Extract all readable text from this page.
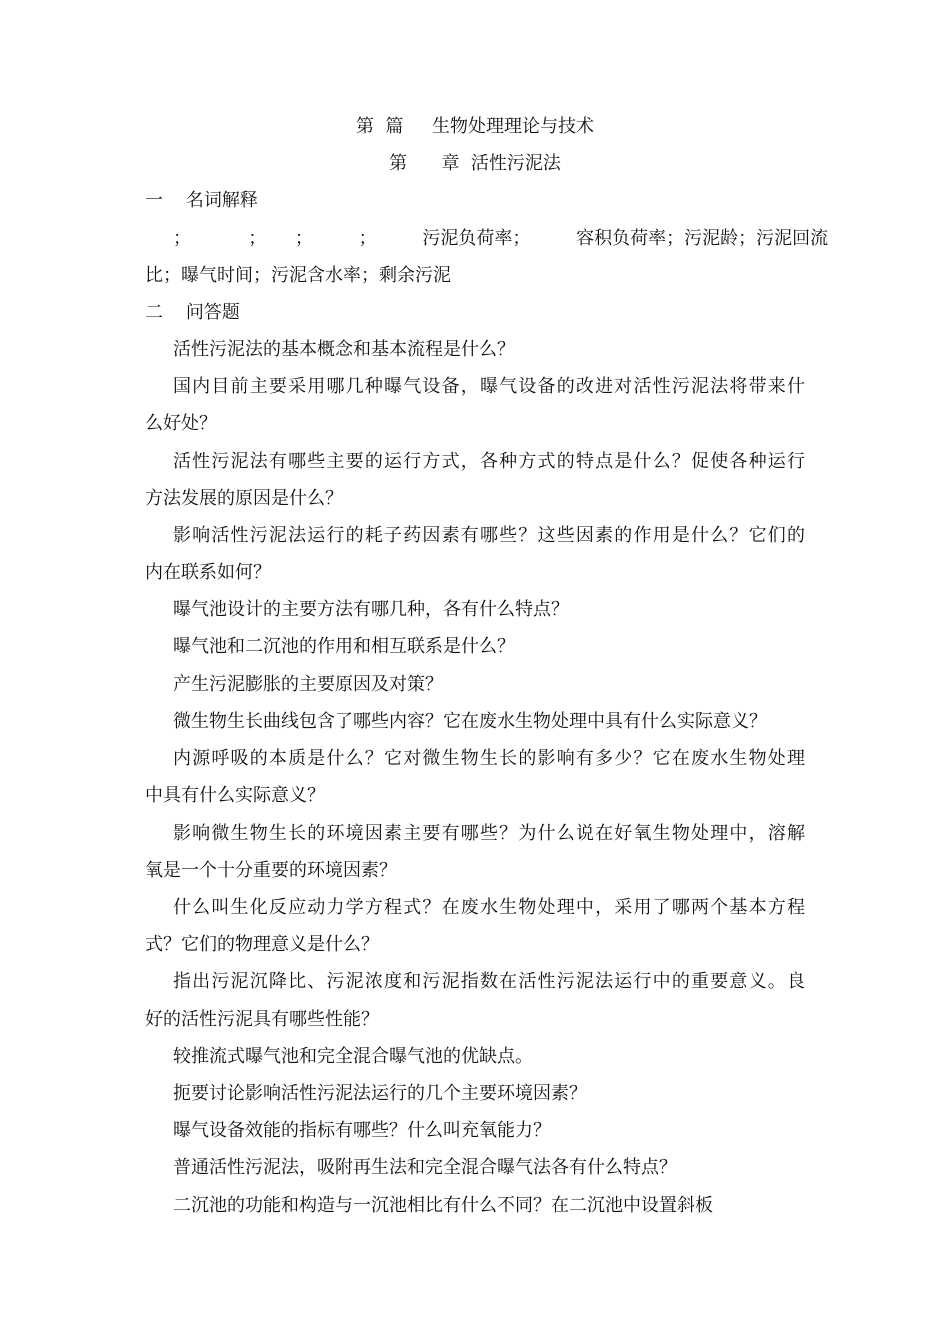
第  篇     生物处理理论与技术
第      章  活性污泥法
一    名词解释
；          ；     ；        ；        污泥负荷率；        容积负荷率；污泥龄；污泥回流
比；曝气时间；污泥含水率；剩余污泥
二    问答题
活性污泥法的基本概念和基本流程是什么？
国内目前主要采用哪几种曝气设备，曝气设备的改进对活性污泥法将带来什
么好处？
活性污泥法有哪些主要的运行方式，各种方式的特点是什么？促使各种运行
方法发展的原因是什么？
影响活性污泥法运行的耗子药因素有哪些？这些因素的作用是什么？它们的
内在联系如何？
曝气池设计的主要方法有哪几种，各有什么特点？
曝气池和二沉池的作用和相互联系是什么？
产生污泥膨胀的主要原因及对策？
微生物生长曲线包含了哪些内容？它在废水生物处理中具有什么实际意义？
内源呼吸的本质是什么？它对微生物生长的影响有多少？它在废水生物处理
中具有什么实际意义？
影响微生物生长的环境因素主要有哪些？为什么说在好氧生物处理中，溶解
氧是一个十分重要的环境因素？
什么叫生化反应动力学方程式？在废水生物处理中，采用了哪两个基本方程
式？它们的物理意义是什么？
指出污泥沉降比、污泥浓度和污泥指数在活性污泥法运行中的重要意义。良
好的活性污泥具有哪些性能？
较推流式曝气池和完全混合曝气池的优缺点。
扼要讨论影响活性污泥法运行的几个主要环境因素？
曝气设备效能的指标有哪些？什么叫充氧能力？
普通活性污泥法，吸附再生法和完全混合曝气法各有什么特点？
二沉池的功能和构造与一沉池相比有什么不同？在二沉池中设置斜板
